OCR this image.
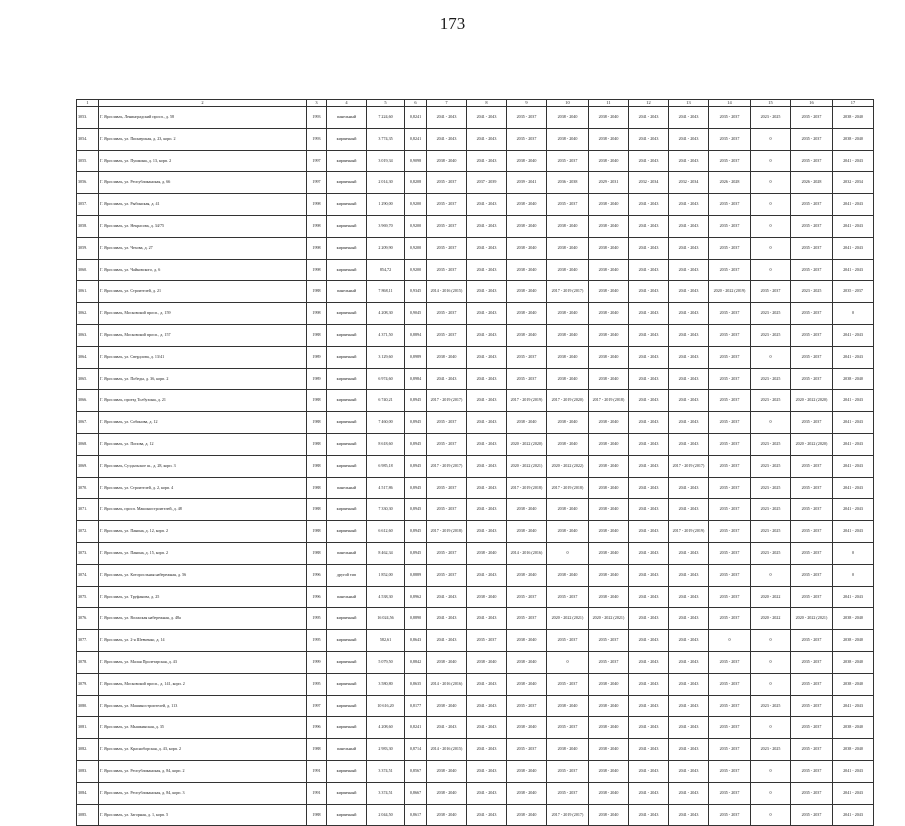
173
1	2	3	4	5	6	7	8	9	10	11	12	13	14	15	16	17	
3053.	Г. Ярославль, Ленинградский просп., д. 58	1993	панельный	7 224,60	0,8241	2041 - 2043	2041 - 2043	2035 - 2037	2038 - 2040	2038 - 2040	2041 - 2043	2041 - 2043	2035 - 2037	2023 - 2025	2035 - 2037	2038 - 2040	
3054.	Г. Ярославль, ул. Пионерская, д. 23, корп. 2	1993	кирпичный	3 774,35	0,8241	2041 - 2043	2041 - 2043	2035 - 2037	2038 - 2040	2038 - 2040	2041 - 2043	2041 - 2043	2035 - 2037	0	2035 - 2037	2038 - 2040	
3055.	Г. Ярославль, ул. Пушкина, д. 13, корп. 2	1997	кирпичный	3 019,34	0,9098	2038 - 2040	2041 - 2043	2038 - 2040	2035 - 2037	2038 - 2040	2041 - 2043	2041 - 2043	2035 - 2037	0	2035 - 2037	2041 - 2043	
3056.	Г. Ярославль, ул. Республиканская, д. 66	1997	кирпичный	2 014,30	0,8208	2035 - 2037	2037 - 2039	2039 - 2041	2036 - 2038	2029 - 2031	2032 - 2034	2032 - 2034	2026 - 2028	0	2026 - 2028	2032 - 2034	
3057.	Г. Ярославль, ул. Рыбинская, д. 41	1998	кирпичный	1 290,00	0,9200	2035 - 2037	2041 - 2043	2038 - 2040	2035 - 2037	2038 - 2040	2041 - 2043	2041 - 2043	2035 - 2037	0	2035 - 2037	2041 - 2043	
3058.	Г. Ярославль, ул. Некрасова, д. 34/75	1998	кирпичный	3 969,70	0,9200	2035 - 2037	2041 - 2043	2038 - 2040	2038 - 2040	2038 - 2040	2041 - 2043	2041 - 2043	2035 - 2037	0	2035 - 2037	2041 - 2043	
3059.	Г. Ярославль, ул. Чехова, д. 27	1998	кирпичный	2 209,90	0,9200	2035 - 2037	2041 - 2043	2038 - 2040	2038 - 2040	2038 - 2040	2041 - 2043	2041 - 2043	2035 - 2037	0	2035 - 2037	2041 - 2043	
3060.	Г. Ярославль, ул. Чайковского, д. 6	1998	кирпичный	854,72	0,9200	2035 - 2037	2041 - 2043	2038 - 2040	2038 - 2040	2038 - 2040	2041 - 2043	2041 - 2043	2035 - 2037	0	2035 - 2037	2041 - 2043	
3061.	Г. Ярославль, ул. Строителей, д. 21	1988	панельный	7 868,11	0,9345	2014 - 2016 (2015)	2041 - 2043	2038 - 2040	2017 - 2019 (2017)	2038 - 2040	2041 - 2043	2041 - 2043	2020 - 2022 (2019)	2035 - 2037	2023 - 2025	2035 - 2037	
3062.	Г. Ярославль, Московский просп., д. 159	1998	кирпичный	4 208,30	0,9045	2035 - 2037	2041 - 2043	2038 - 2040	2038 - 2040	2038 - 2040	2041 - 2043	2041 - 2043	2035 - 2037	2023 - 2025	2035 - 2037	0	
3063.	Г. Ярославль, Московский просп., д. 157	1988	кирпичный	4 371,50	0,8894	2035 - 2037	2041 - 2043	2038 - 2040	2038 - 2040	2038 - 2040	2041 - 2043	2041 - 2043	2035 - 2037	2023 - 2025	2035 - 2037	2041 - 2043	
3064.	Г. Ярославль, ул. Свердлова, д. 13/41	1989	кирпичный	3 129,60	0,8989	2038 - 2040	2041 - 2043	2035 - 2037	2038 - 2040	2038 - 2040	2041 - 2043	2041 - 2043	2035 - 2037	0	2035 - 2037	2041 - 2043	
3065.	Г. Ярославль, ул. Победы, д. 36, корп. 2	1989	кирпичный	6 974,60	0,8984	2041 - 2043	2041 - 2043	2035 - 2037	2038 - 2040	2038 - 2040	2041 - 2043	2041 - 2043	2035 - 2037	2023 - 2025	2035 - 2037	2038 - 2040	
3066.	Г. Ярославль, проезд Толбухина, д. 21	1988	кирпичный	6 740,21	0,8945	2017 - 2019 (2017)	2041 - 2043	2017 - 2019 (2019)	2017 - 2019 (2020)	2017 - 2019 (2018)	2041 - 2043	2041 - 2043	2035 - 2037	2023 - 2025	2020 - 2022 (2020)	2041 - 2043	
3067.	Г. Ярославль, ул. Собинова, д. 12	1988	кирпичный	7 460,00	0,8945	2035 - 2037	2041 - 2043	2038 - 2040	2038 - 2040	2038 - 2040	2041 - 2043	2041 - 2043	2035 - 2037	0	2035 - 2037	2041 - 2043	
3068.	Г. Ярославль, ул. Попова, д. 12	1988	кирпичный	8 618,60	0,8945	2035 - 2037	2041 - 2043	2020 - 2022 (2020)	2038 - 2040	2038 - 2040	2041 - 2043	2041 - 2043	2035 - 2037	2023 - 2025	2020 - 2022 (2020)	2041 - 2043	
3069.	Г. Ярославль, Суздальское ш., д. 28, корп. 3	1988	кирпичный	6 985,18	0,8945	2017 - 2019 (2017)	2041 - 2043	2020 - 2022 (2021)	2020 - 2022 (2022)	2038 - 2040	2041 - 2043	2017 - 2019 (2017)	2035 - 2037	2023 - 2025	2035 - 2037	2041 - 2043	
3070.	Г. Ярославль, ул. Строителей, д. 2, корп. 4	1988	панельный	4 517,86	0,8945	2035 - 2037	2041 - 2043	2017 - 2019 (2018)	2017 - 2019 (2018)	2038 - 2040	2041 - 2043	2041 - 2043	2035 - 2037	2023 - 2025	2035 - 2037	2041 - 2043	
3071.	Г. Ярославль, просп. Машиностроителей, д. 48	1988	кирпичный	7 330,30	0,8945	2035 - 2037	2041 - 2043	2038 - 2040	2038 - 2040	2038 - 2040	2041 - 2043	2041 - 2043	2035 - 2037	2023 - 2025	2035 - 2037	2041 - 2043	
3072.	Г. Ярославль, ул. Панина, д. 12, корп. 2	1988	кирпичный	6 612,60	0,8945	2017 - 2019 (2018)	2041 - 2043	2038 - 2040	2038 - 2040	2038 - 2040	2041 - 2043	2017 - 2019 (2019)	2035 - 2037	2023 - 2025	2035 - 2037	2041 - 2043	
3073.	Г. Ярославль, ул. Панина, д. 15, корп. 2	1988	панельный	8 462,34	0,8945	2035 - 2037	2038 - 2040	2014 - 2016 (2016)	0	2038 - 2040	2041 - 2043	2041 - 2043	2035 - 2037	2023 - 2025	2035 - 2037	0	
3074.	Г. Ярославль, ул. Которосльная набережная, д. 56	1996	другой тип	1 852,00	0,8889	2035 - 2037	2041 - 2043	2038 - 2040	2038 - 2040	2038 - 2040	2041 - 2043	2041 - 2043	2035 - 2037	0	2035 - 2037	0	
3075.	Г. Ярославль, ул. Труфанова, д. 25	1996	панельный	4 538,30	0,8962	2041 - 2043	2038 - 2040	2035 - 2037	2035 - 2037	2038 - 2040	2041 - 2043	2041 - 2043	2035 - 2037	2020 - 2022	2035 - 2037	2041 - 2043	
3076.	Г. Ярославль, ул. Волжская набережная, д. 48а	1995	кирпичный	16 024,56	0,8890	2041 - 2043	2041 - 2043	2035 - 2037	2020 - 2022 (2021)	2020 - 2022 (2021)	2041 - 2043	2041 - 2043	2035 - 2037	2020 - 2022	2020 - 2022 (2021)	2038 - 2040	
3077.	Г. Ярославль, ул. 2-я Шевченко, д. 14	1995	кирпичный	582,61	0,8643	2041 - 2043	2035 - 2037	2038 - 2040	2035 - 2037	2035 - 2037	2041 - 2043	2041 - 2043	0	0	2035 - 2037	2038 - 2040	
3078.	Г. Ярославль, ул. Малая Пролетарская, д. 43	1999	кирпичный	5 079,50	0,8842	2038 - 2040	2038 - 2040	2038 - 2040	0	2035 - 2037	2041 - 2043	2041 - 2043	2035 - 2037	0	2035 - 2037	2038 - 2040	
3079.	Г. Ярославль, Московский просп., д. 141, корп. 2	1995	кирпичный	3 580,80	0,8635	2014 - 2016 (2016)	2041 - 2043	2038 - 2040	2035 - 2037	2038 - 2040	2041 - 2043	2041 - 2043	2035 - 2037	0	2035 - 2037	2038 - 2040	
3080.	Г. Ярославль, ул. Машиностроителей, д. 113	1997	кирпичный	10 616,20	0,8177	2038 - 2040	2041 - 2043	2035 - 2037	2038 - 2040	2038 - 2040	2041 - 2043	2041 - 2043	2035 - 2037	2023 - 2025	2035 - 2037	2041 - 2043	
3081.	Г. Ярославль, ул. Мышкинская, д. 35	1996	кирпичный	4 208,60	0,8241	2041 - 2043	2041 - 2043	2038 - 2040	2035 - 2037	2038 - 2040	2041 - 2043	2041 - 2043	2035 - 2037	0	2035 - 2037	2038 - 2040	
3082.	Г. Ярославль, ул. Красноборская, д. 43, корп. 2	1988	панельный	2 983,30	0,8714	2014 - 2016 (2015)	2041 - 2043	2035 - 2037	2038 - 2040	2038 - 2040	2041 - 2043	2041 - 2043	2035 - 2037	2023 - 2025	2035 - 2037	2038 - 2040	
3083.	Г. Ярославль, ул. Республиканская, д. 84, корп. 2	1991	кирпичный	3 374,51	0,8567	2038 - 2040	2041 - 2043	2038 - 2040	2035 - 2037	2038 - 2040	2041 - 2043	2041 - 2043	2035 - 2037	0	2035 - 2037	2041 - 2043	
3084.	Г. Ярославль, ул. Республиканская, д. 84, корп. 3	1991	кирпичный	3 374,51	0,8667	2038 - 2040	2041 - 2043	2038 - 2040	2035 - 2037	2038 - 2040	2041 - 2043	2041 - 2043	2035 - 2037	0	2035 - 2037	2041 - 2043	
3085.	Г. Ярославль, ул. Загорная, д. 1, корп. 5	1988	кирпичный	2 044,50	0,8617	2038 - 2040	2041 - 2043	2038 - 2040	2017 - 2019 (2017)	2038 - 2040	2041 - 2043	2041 - 2043	2035 - 2037	0	2035 - 2037	2041 - 2043	
